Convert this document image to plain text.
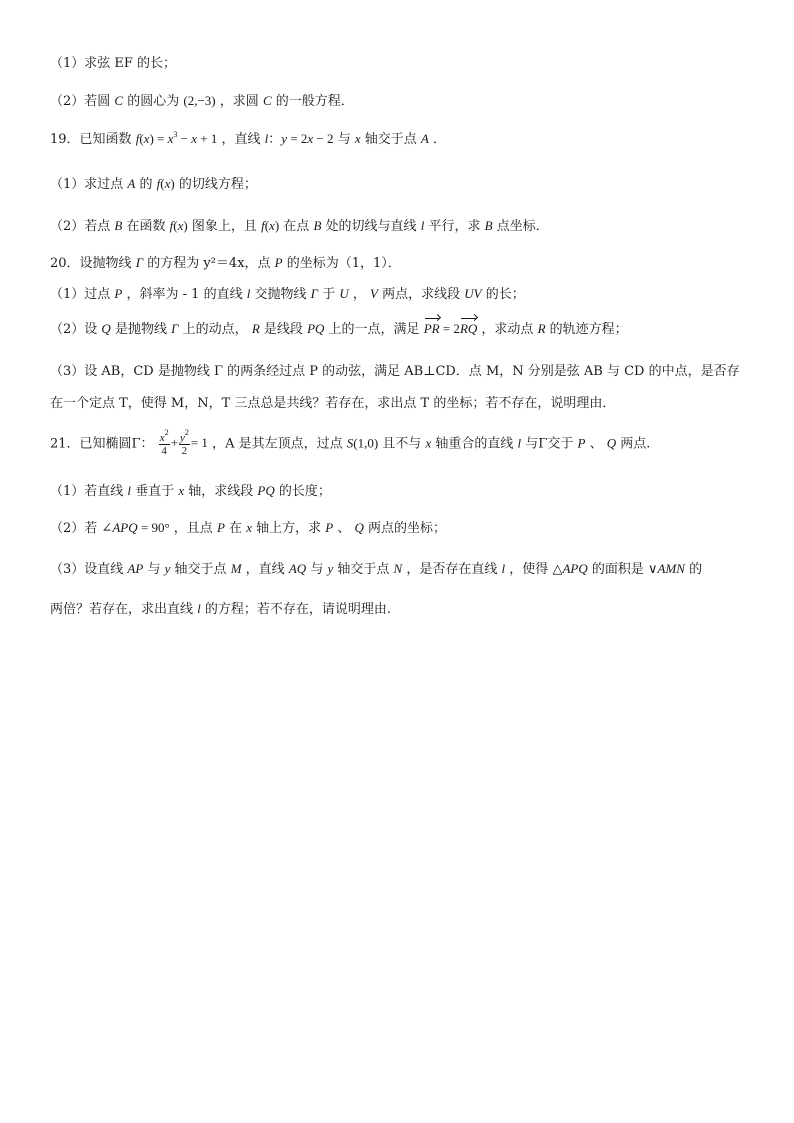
（1）求弦 EF 的长；
（2）若圆 C 的圆心为 (2,−3) ，求圆 C 的一般方程．
19．已知函数 $f(x) = x^3 - x + 1$ ，直线 l：y = 2x − 2 与 x 轴交于点 A ．
（1）求过点 A 的 f(x) 的切线方程；
（2）若点 B 在函数 f(x) 图象上，且 f(x) 在点 B 处的切线与直线 l 平行，求 B 点坐标．
20．设抛物线 Γ 的方程为 y²＝4x，点 P 的坐标为（1，1）．
（1）过点 P ，斜率为 - 1 的直线 l 交抛物线 Γ 于 U ， V 两点，求线段 UV 的长；
（2）设 Q 是抛物线 Γ 上的动点， R 是线段 PQ 上的一点，满足 PR = 2RQ ，求动点 R 的轨迹方程；
（3）设 AB，CD 是抛物线 Γ 的两条经过点 P 的动弦，满足 AB⊥CD．点 M，N 分别是弦 AB 与 CD 的中点，是否存在一个定点 T，使得 M，N，T 三点总是共线？若存在，求出点 T 的坐标；若不存在，说明理由．
21．已知椭圆Γ： $\frac{x^2}{4} + \frac{y^2}{2} = 1$ ，A 是其左顶点，过点 S(1,0) 且不与 x 轴重合的直线 l 与Γ交于 P 、 Q 两点.
（1）若直线 l 垂直于 x 轴，求线段 PQ 的长度；
（2）若 ∠APQ = 90° ，且点 P 在 x 轴上方，求 P 、 Q 两点的坐标；
（3）设直线 AP 与 y 轴交于点 M ，直线 AQ 与 y 轴交于点 N ，是否存在直线 l ，使得 △APQ 的面积是 ∨AMN 的
两倍？若存在，求出直线 l 的方程；若不存在，请说明理由.
